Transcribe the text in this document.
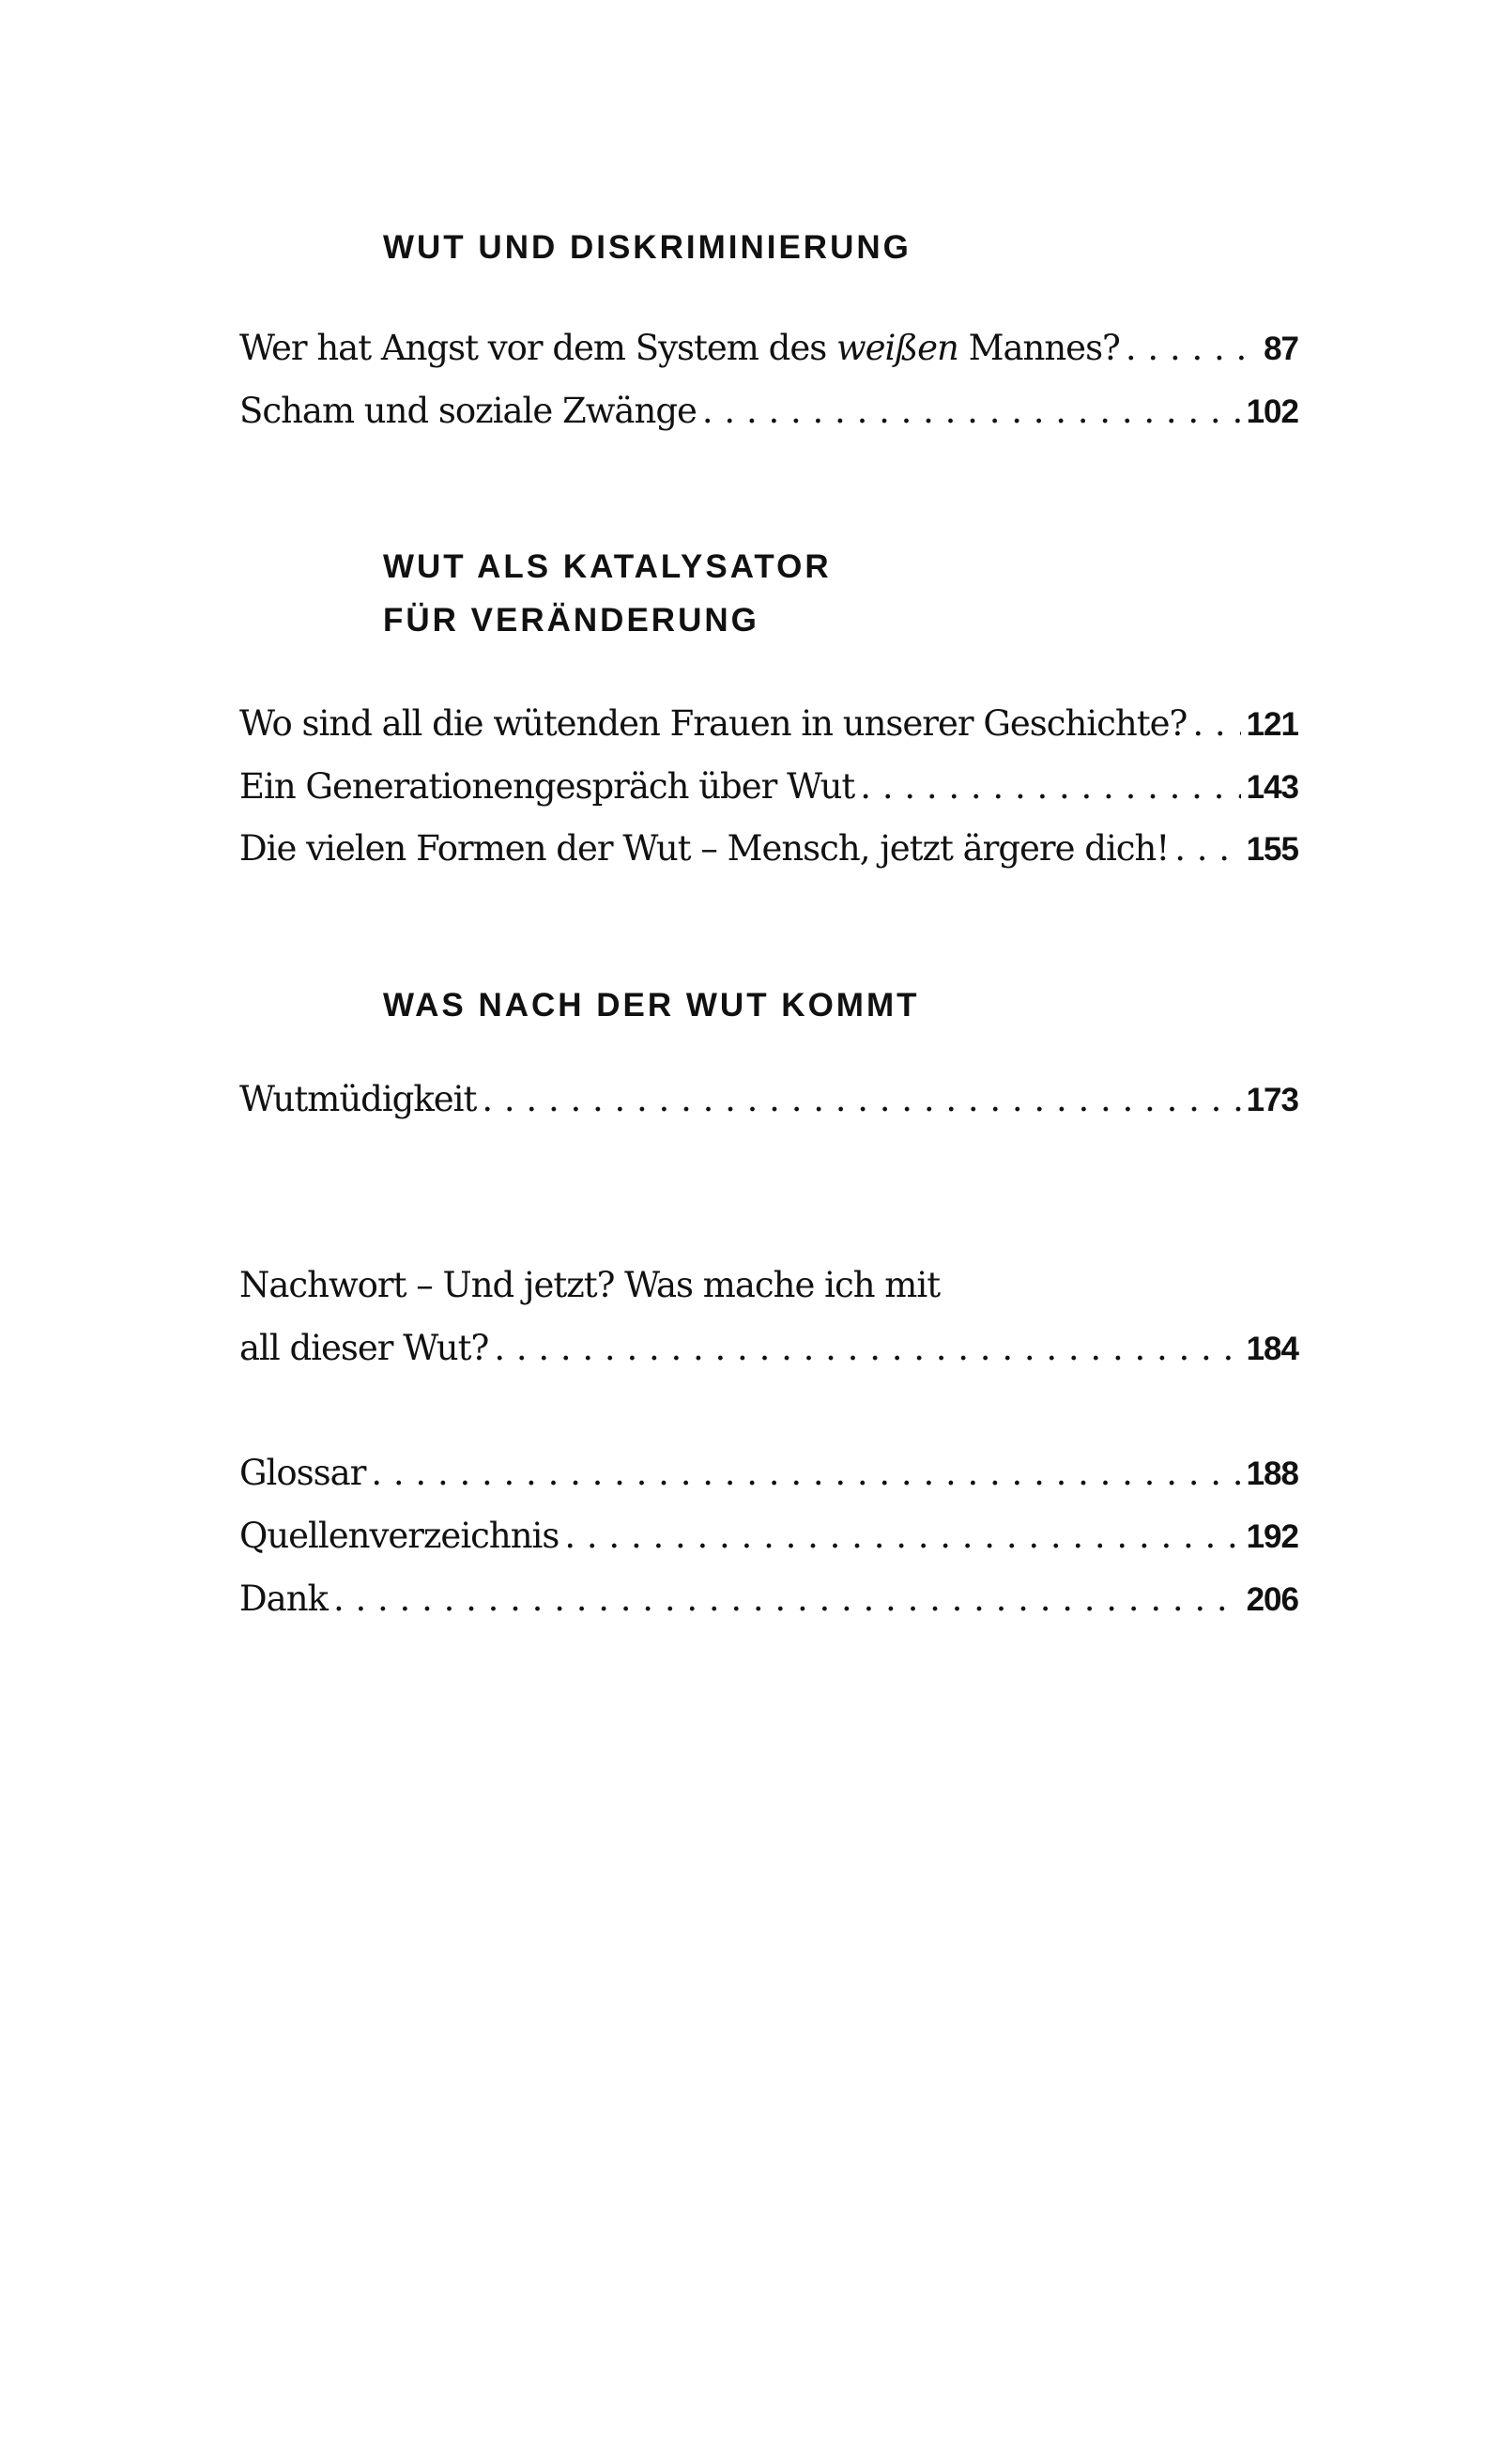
WUT UND DISKRIMINIERUNG
Wer hat Angst vor dem System des weißen Mannes? . . .	87
Scham und soziale Zwänge . . .	102
WUT ALS KATALYSATOR
FÜR VERÄNDERUNG
Wo sind all die wütenden Frauen in unserer Geschichte? . . . 121
Ein Generationengespräch über Wut . . .	143
Die vielen Formen der Wut – Mensch, jetzt ärgere dich! . . . 155
WAS NACH DER WUT KOMMT
Wutmüdigkeit . . .	173
Nachwort – Und jetzt? Was mache ich mit
all dieser Wut? . . .	184
Glossar . . .	188
Quellenverzeichnis . . .	192
Dank . . .	206
